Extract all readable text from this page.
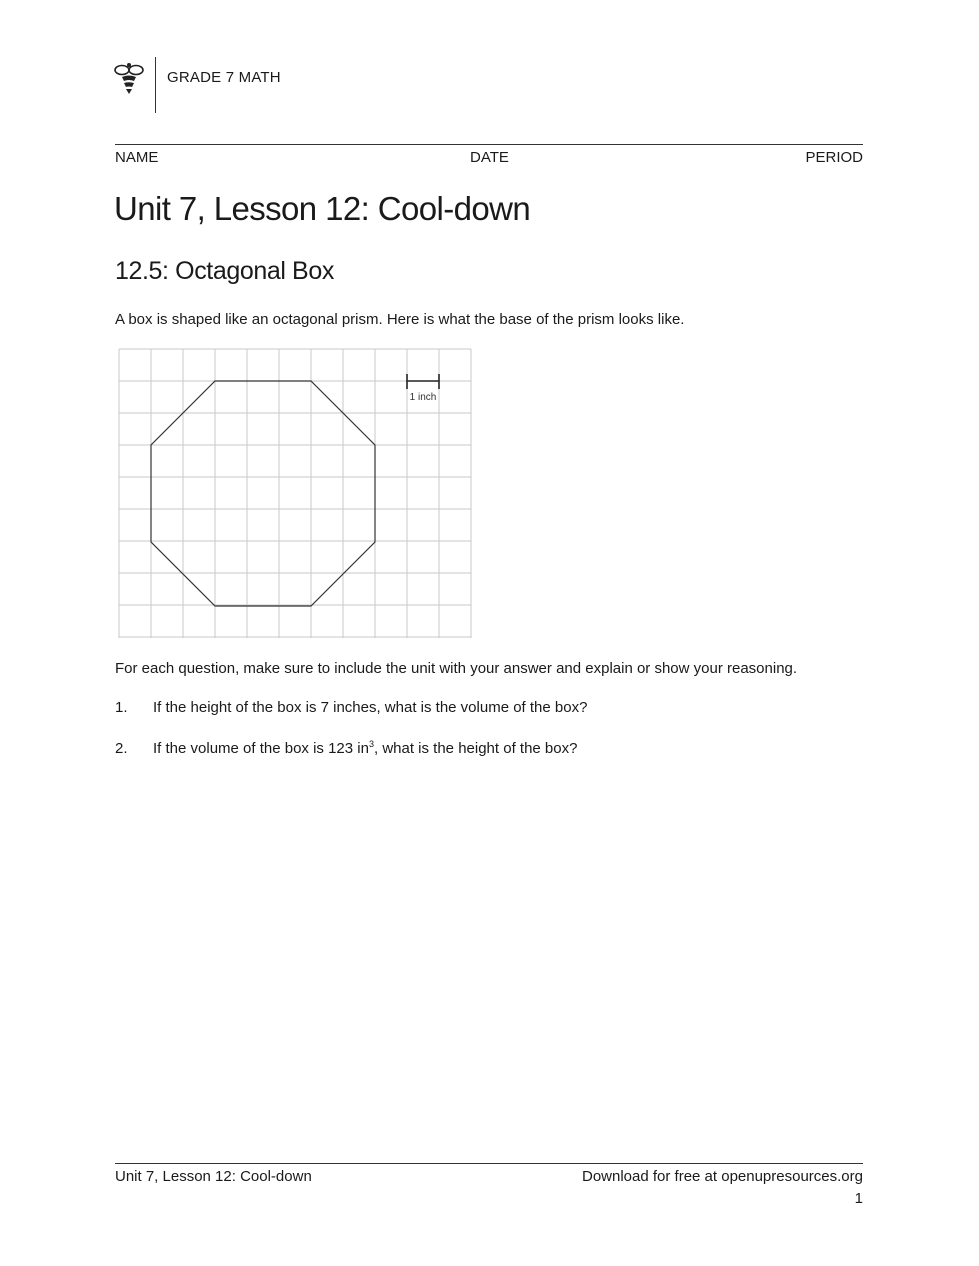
GRADE 7 MATH
NAME	DATE	PERIOD
Unit 7, Lesson 12: Cool-down
12.5: Octagonal Box
A box is shaped like an octagonal prism. Here is what the base of the prism looks like.
1 inch
For each question, make sure to include the unit with your answer and explain or show your reasoning.
1. If the height of the box is 7 inches, what is the volume of the box?
2. If the volume of the box is 123 $in^3$, what is the height of the box?
Unit 7, Lesson 12: Cool-down	Download for free at openupresources.org
1
